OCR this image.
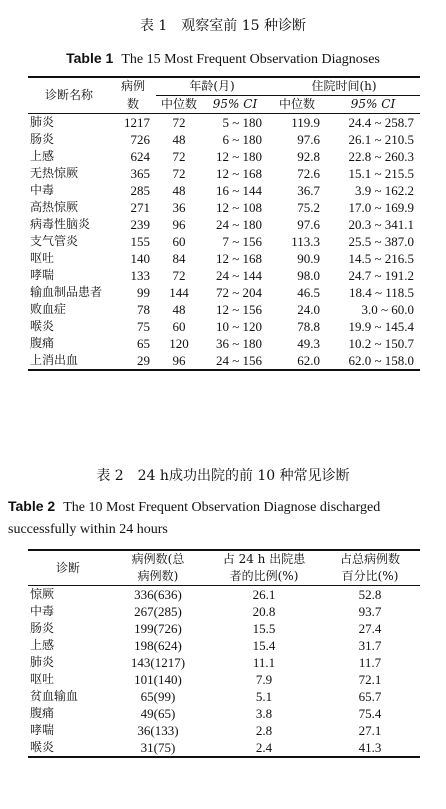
表 1　观察室前 15 种诊断
Table 1 The 15 Most Frequent Observation Diagnoses
诊断名称	病例	年龄(月)		住院时间(h)	
	数	中位数	95% CI	中位数	95% CI
肺炎	1217	72	5 ~ 180	119.9	24.4 ~ 258.7
肠炎	726	48	6 ~ 180	97.6	26.1 ~ 210.5
上感	624	72	12 ~ 180	92.8	22.8 ~ 260.3
无热惊厥	365	72	12 ~ 168	72.6	15.1 ~ 215.5
中毒	285	48	16 ~ 144	36.7	3.9 ~ 162.2
高热惊厥	271	36	12 ~ 108	75.2	17.0 ~ 169.9
病毒性脑炎	239	96	24 ~ 180	97.6	20.3 ~ 341.1
支气管炎	155	60	7 ~ 156	113.3	25.5 ~ 387.0
呕吐	140	84	12 ~ 168	90.9	14.5 ~ 216.5
哮喘	133	72	24 ~ 144	98.0	24.7 ~ 191.2
输血制品患者	99	144	72 ~ 204	46.5	18.4 ~ 118.5
败血症	78	48	12 ~ 156	24.0	3.0 ~ 60.0
喉炎	75	60	10 ~ 120	78.8	19.9 ~ 145.4
腹痛	65	120	36 ~ 180	49.3	10.2 ~ 150.7
上消出血	29	96	24 ~ 156	62.0	62.0 ~ 158.0
表 2　24 h成功出院的前 10 种常见诊断
Table 2 The 10 Most Frequent Observation Diagnose discharged successfully within 24 hours
诊断	病例数(总	占 24 h 出院患	占总病例数
	病例数)	者的比例(%)	百分比(%)
惊厥	336(636)	26.1	52.8
中毒	267(285)	20.8	93.7
肠炎	199(726)	15.5	27.4
上感	198(624)	15.4	31.7
肺炎	143(1217)	11.1	11.7
呕吐	101(140)	7.9	72.1
贫血输血	65(99)	5.1	65.7
腹痛	49(65)	3.8	75.4
哮喘	36(133)	2.8	27.1
喉炎	31(75)	2.4	41.3
